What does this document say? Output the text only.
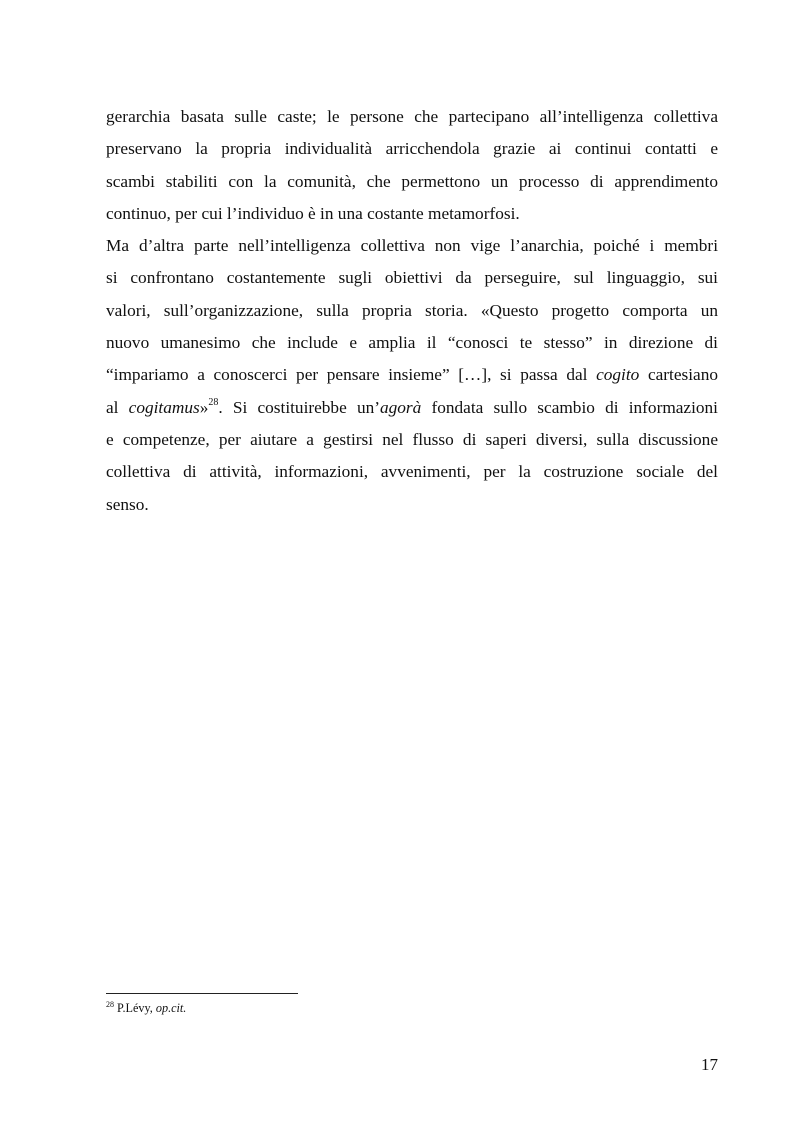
gerarchia basata sulle caste; le persone che partecipano all’intelligenza collettiva
preservano la propria individualità arricchendola grazie ai continui contatti e
scambi stabiliti con la comunità, che permettono un processo di apprendimento
continuo, per cui l’individuo è in una costante metamorfosi.
Ma d’altra parte nell’intelligenza collettiva non vige l’anarchia, poiché i membri
si confrontano costantemente sugli obiettivi da perseguire, sul linguaggio, sui
valori, sull’organizzazione, sulla propria storia. «Questo progetto comporta un
nuovo umanesimo che include e amplia il “conosci te stesso” in direzione di
“impariamo a conoscerci per pensare insieme” […], si passa dal cogito cartesiano
al cogitamus»$^{28}$. Si costituirebbe un’agorà fondata sullo scambio di informazioni
e competenze, per aiutare a gestirsi nel flusso di saperi diversi, sulla discussione
collettiva di attività, informazioni, avvenimenti, per la costruzione sociale del
senso.
$^{28}$ P.Lévy, op.cit.
17
